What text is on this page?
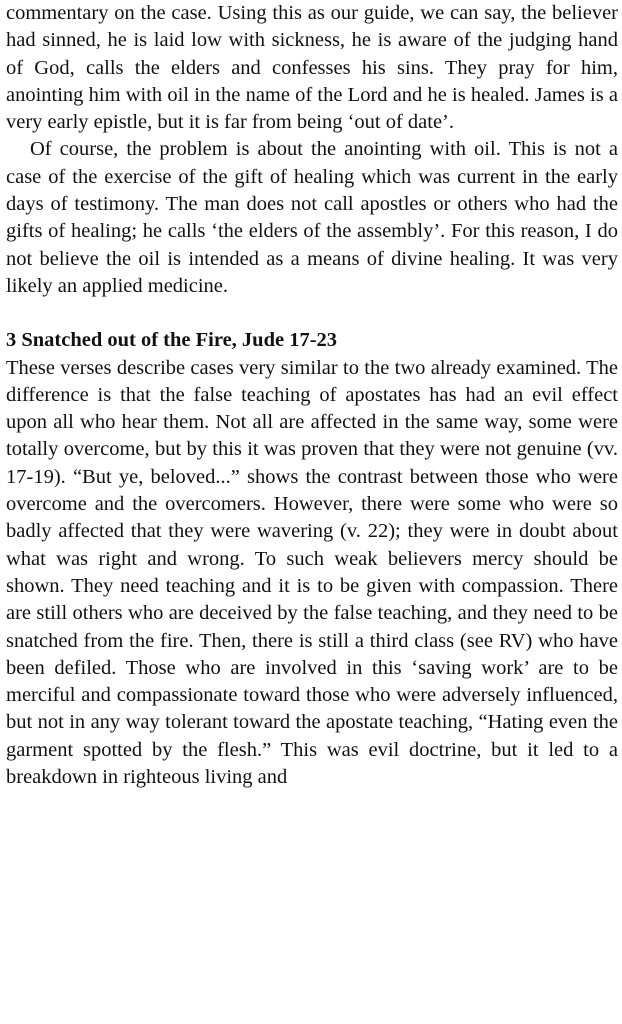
commentary on the case. Using this as our guide, we can say, the believer had sinned, he is laid low with sickness, he is aware of the judging hand of God, calls the elders and confesses his sins. They pray for him, anointing him with oil in the name of the Lord and he is healed. James is a very early epistle, but it is far from being ‘out of date’.

Of course, the problem is about the anointing with oil. This is not a case of the exercise of the gift of healing which was current in the early days of testimony. The man does not call apostles or others who had the gifts of healing; he calls ‘the elders of the assembly’. For this reason, I do not believe the oil is intended as a means of divine healing. It was very likely an applied medicine.

3 Snatched out of the Fire, Jude 17-23

These verses describe cases very similar to the two already examined. The difference is that the false teaching of apostates has had an evil effect upon all who hear them. Not all are affected in the same way, some were totally overcome, but by this it was proven that they were not genuine (vv. 17-19). “But ye, beloved...” shows the contrast between those who were overcome and the overcomers. However, there were some who were so badly affected that they were wavering (v. 22); they were in doubt about what was right and wrong. To such weak believers mercy should be shown. They need teaching and it is to be given with compassion. There are still others who are deceived by the false teaching, and they need to be snatched from the fire. Then, there is still a third class (see RV) who have been defiled. Those who are involved in this ‘saving work’ are to be merciful and compassionate toward those who were adversely influenced, but not in any way tolerant toward the apostate teaching, “Hating even the garment spotted by the flesh.” This was evil doctrine, but it led to a breakdown in righteous living and
